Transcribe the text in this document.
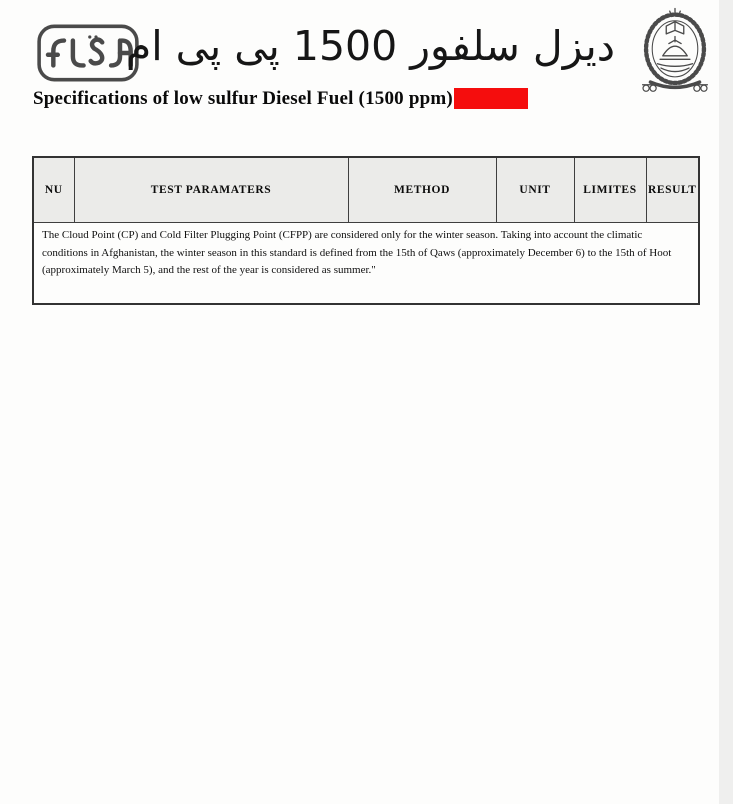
ديزل سلفور 1500 پی پی ام
Specifications of low sulfur Diesel Fuel (1500 ppm)
NU	TEST PARAMATERS	METHOD	UNIT	LIMITES	RESULT
The Cloud Point (CP) and Cold Filter Plugging Point (CFPP) are considered only for the winter season. Taking into account the climatic conditions in Afghanistan, the winter season in this standard is defined from the 15th of Qaws (approximately December 6) to the 15th of Hoot (approximately March 5), and the rest of the year is considered as summer."
